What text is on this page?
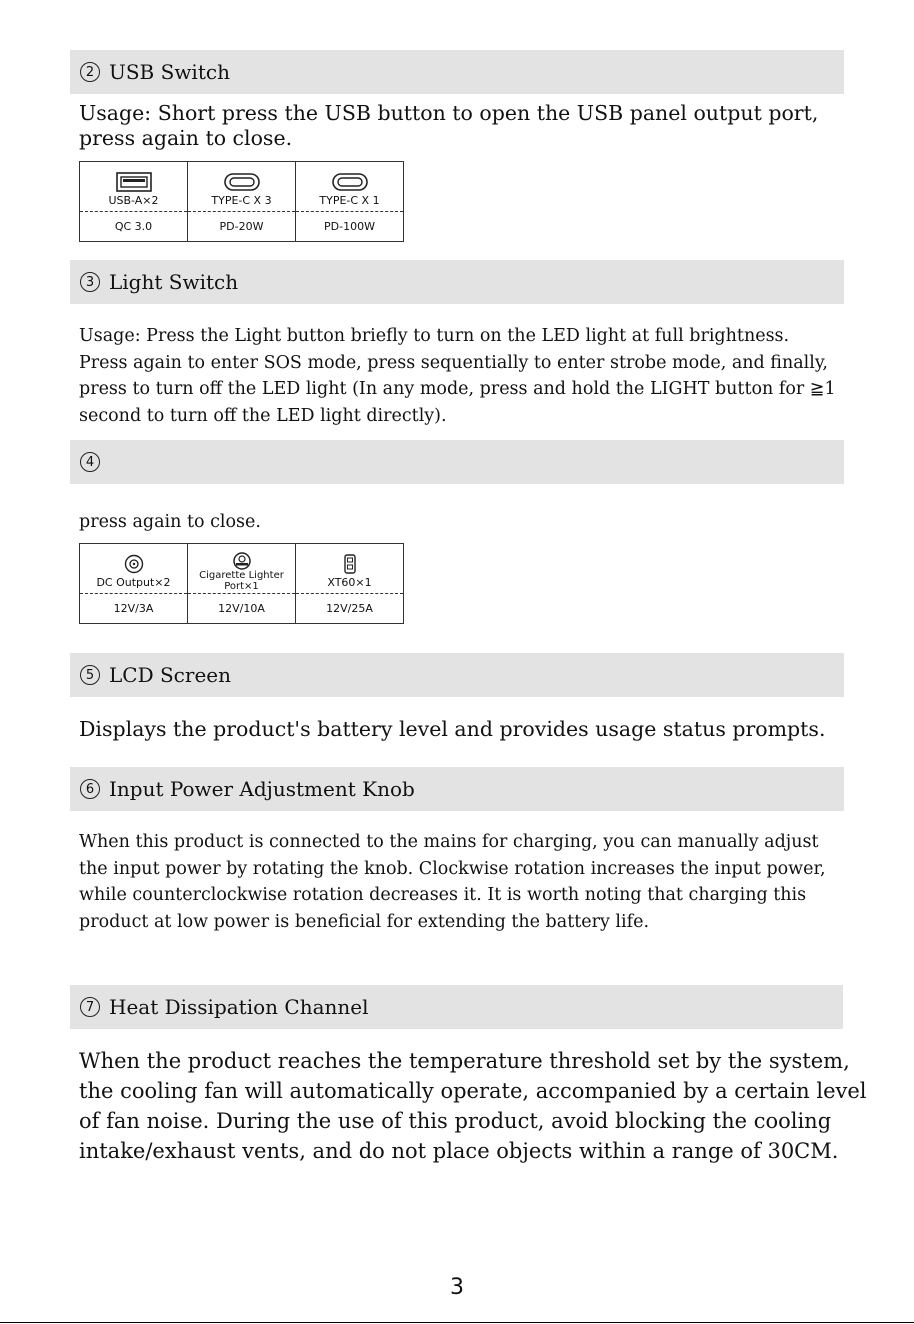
2 USB Switch

Usage: Short press the USB button to open the USB panel output port, press again to close.

USB-A×2	TYPE-C X 3	TYPE-C X 1

QC 3.0	PD-20W	PD-100W
3 Light Switch

Usage: Press the Light button briefly to turn on the LED light at full brightness. Press again to enter SOS mode, press sequentially to enter strobe mode, and finally, press to turn off the LED light (In any mode, press and hold the LIGHT button for ≧1 second to turn off the LED light directly).

4

press again to close.

DC Output×2	Cigarette Lighter Port×1	XT60×1

12V/3A	12V/10A	12V/25A
5 LCD Screen

Displays the product's battery level and provides usage status prompts.

6 Input Power Adjustment Knob

When this product is connected to the mains for charging, you can manually adjust the input power by rotating the knob. Clockwise rotation increases the input power, while counterclockwise rotation decreases it. It is worth noting that charging this product at low power is beneficial for extending the battery life.

7 Heat Dissipation Channel

When the product reaches the temperature threshold set by the system, the cooling fan will automatically operate, accompanied by a certain level of fan noise. During the use of this product, avoid blocking the cooling intake/exhaust vents, and do not place objects within a range of 30CM.

3
